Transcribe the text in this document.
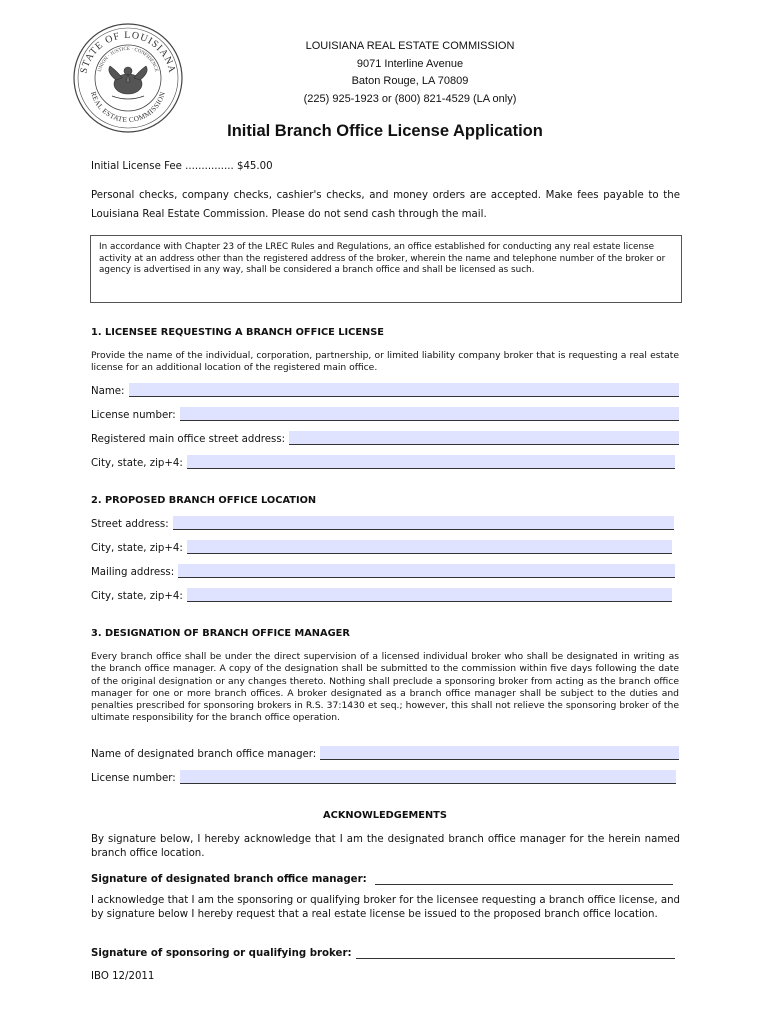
STATE OF LOUISIANA
REAL ESTATE COMMISSION
UNION · JUSTICE · CONFIDENCE
LOUISIANA REAL ESTATE COMMISSION
9071 Interline Avenue
Baton Rouge, LA 70809
(225) 925-1923 or (800) 821-4529 (LA only)
Initial Branch Office License Application
Initial License Fee ............... $45.00
Personal checks, company checks, cashier's checks, and money orders are accepted. Make fees payable to the Louisiana Real Estate Commission. Please do not send cash through the mail.
In accordance with Chapter 23 of the LREC Rules and Regulations, an office established for conducting any real estate license activity at an address other than the registered address of the broker, wherein the name and telephone number of the broker or agency is advertised in any way, shall be considered a branch office and shall be licensed as such.
1. LICENSEE REQUESTING A BRANCH OFFICE LICENSE
Provide the name of the individual, corporation, partnership, or limited liability company broker that is requesting a real estate license for an additional location of the registered main office.
Name:
License number:
Registered main office street address:
City, state, zip+4:
2. PROPOSED BRANCH OFFICE LOCATION
Street address:
City, state, zip+4:
Mailing address:
City, state, zip+4:
3. DESIGNATION OF BRANCH OFFICE MANAGER
Every branch office shall be under the direct supervision of a licensed individual broker who shall be designated in writing as the branch office manager. A copy of the designation shall be submitted to the commission within five days following the date of the original designation or any changes thereto. Nothing shall preclude a sponsoring broker from acting as the branch office manager for one or more branch offices. A broker designated as a branch office manager shall be subject to the duties and penalties prescribed for sponsoring brokers in R.S. 37:1430 et seq.; however, this shall not relieve the sponsoring broker of the ultimate responsibility for the branch office operation.
Name of designated branch office manager:
License number:
ACKNOWLEDGEMENTS
By signature below, I hereby acknowledge that I am the designated branch office manager for the herein named branch office location.
Signature of designated branch office manager:
I acknowledge that I am the sponsoring or qualifying broker for the licensee requesting a branch office license, and by signature below I hereby request that a real estate license be issued to the proposed branch office location.
Signature of sponsoring or qualifying broker:
IBO 12/2011
